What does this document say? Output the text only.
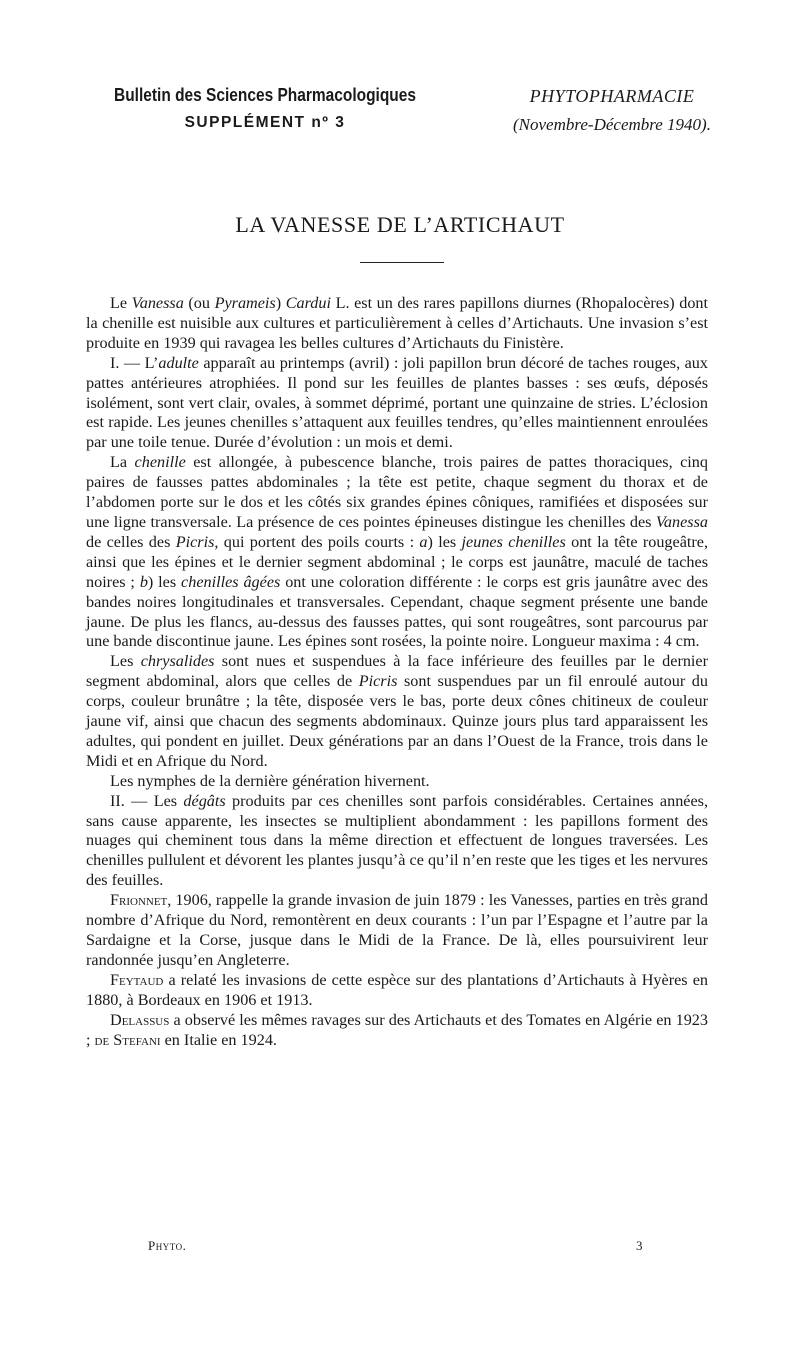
Bulletin des Sciences Pharmacologiques
SUPPLÉMENT nº 3
PHYTOPHARMACIE
(Novembre-Décembre 1940).
LA VANESSE DE L’ARTICHAUT

Le Vanessa (ou Pyrameis) Cardui L. est un des rares papillons diurnes (Rhopalocères) dont la chenille est nuisible aux cultures et particulièrement à celles d’Artichauts. Une invasion s’est produite en 1939 qui ravagea les belles cultures d’Artichauts du Finistère.

I. — L’adulte apparaît au printemps (avril) : joli papillon brun décoré de taches rouges, aux pattes antérieures atrophiées. Il pond sur les feuilles de plantes basses : ses œufs, déposés isolément, sont vert clair, ovales, à sommet déprimé, portant une quinzaine de stries. L’éclosion est rapide. Les jeunes chenilles s’attaquent aux feuilles tendres, qu’elles maintiennent enroulées par une toile tenue. Durée d’évolution : un mois et demi.

La chenille est allongée, à pubescence blanche, trois paires de pattes thoraciques, cinq paires de fausses pattes abdominales ; la tête est petite, chaque segment du thorax et de l’abdomen porte sur le dos et les côtés six grandes épines côniques, ramifiées et disposées sur une ligne transversale. La présence de ces pointes épineuses distingue les chenilles des Vanessa de celles des Picris, qui portent des poils courts : a) les jeunes chenilles ont la tête rougeâtre, ainsi que les épines et le dernier segment abdominal ; le corps est jaunâtre, maculé de taches noires ; b) les chenilles âgées ont une coloration différente : le corps est gris jaunâtre avec des bandes noires longitudinales et transversales. Cependant, chaque segment présente une bande jaune. De plus les flancs, au-dessus des fausses pattes, qui sont rougeâtres, sont parcourus par une bande discontinue jaune. Les épines sont rosées, la pointe noire. Longueur maxima : 4 cm.

Les chrysalides sont nues et suspendues à la face inférieure des feuilles par le dernier segment abdominal, alors que celles de Picris sont suspendues par un fil enroulé autour du corps, couleur brunâtre ; la tête, disposée vers le bas, porte deux cônes chitineux de couleur jaune vif, ainsi que chacun des segments abdominaux. Quinze jours plus tard apparaissent les adultes, qui pondent en juillet. Deux générations par an dans l’Ouest de la France, trois dans le Midi et en Afrique du Nord.

Les nymphes de la dernière génération hivernent.

II. — Les dégâts produits par ces chenilles sont parfois considérables. Certaines années, sans cause apparente, les insectes se multiplient abondamment : les papillons forment des nuages qui cheminent tous dans la même direction et effectuent de longues traversées. Les chenilles pullulent et dévorent les plantes jusqu’à ce qu’il n’en reste que les tiges et les nervures des feuilles.

Frionnet, 1906, rappelle la grande invasion de juin 1879 : les Vanesses, parties en très grand nombre d’Afrique du Nord, remontèrent en deux courants : l’un par l’Espagne et l’autre par la Sardaigne et la Corse, jusque dans le Midi de la France. De là, elles poursuivirent leur randonnée jusqu’en Angleterre.

Feytaud a relaté les invasions de cette espèce sur des plantations d’Artichauts à Hyères en 1880, à Bordeaux en 1906 et 1913.

Delassus a observé les mêmes ravages sur des Artichauts et des Tomates en Algérie en 1923 ; de Stefani en Italie en 1924.

Phyto.	3
